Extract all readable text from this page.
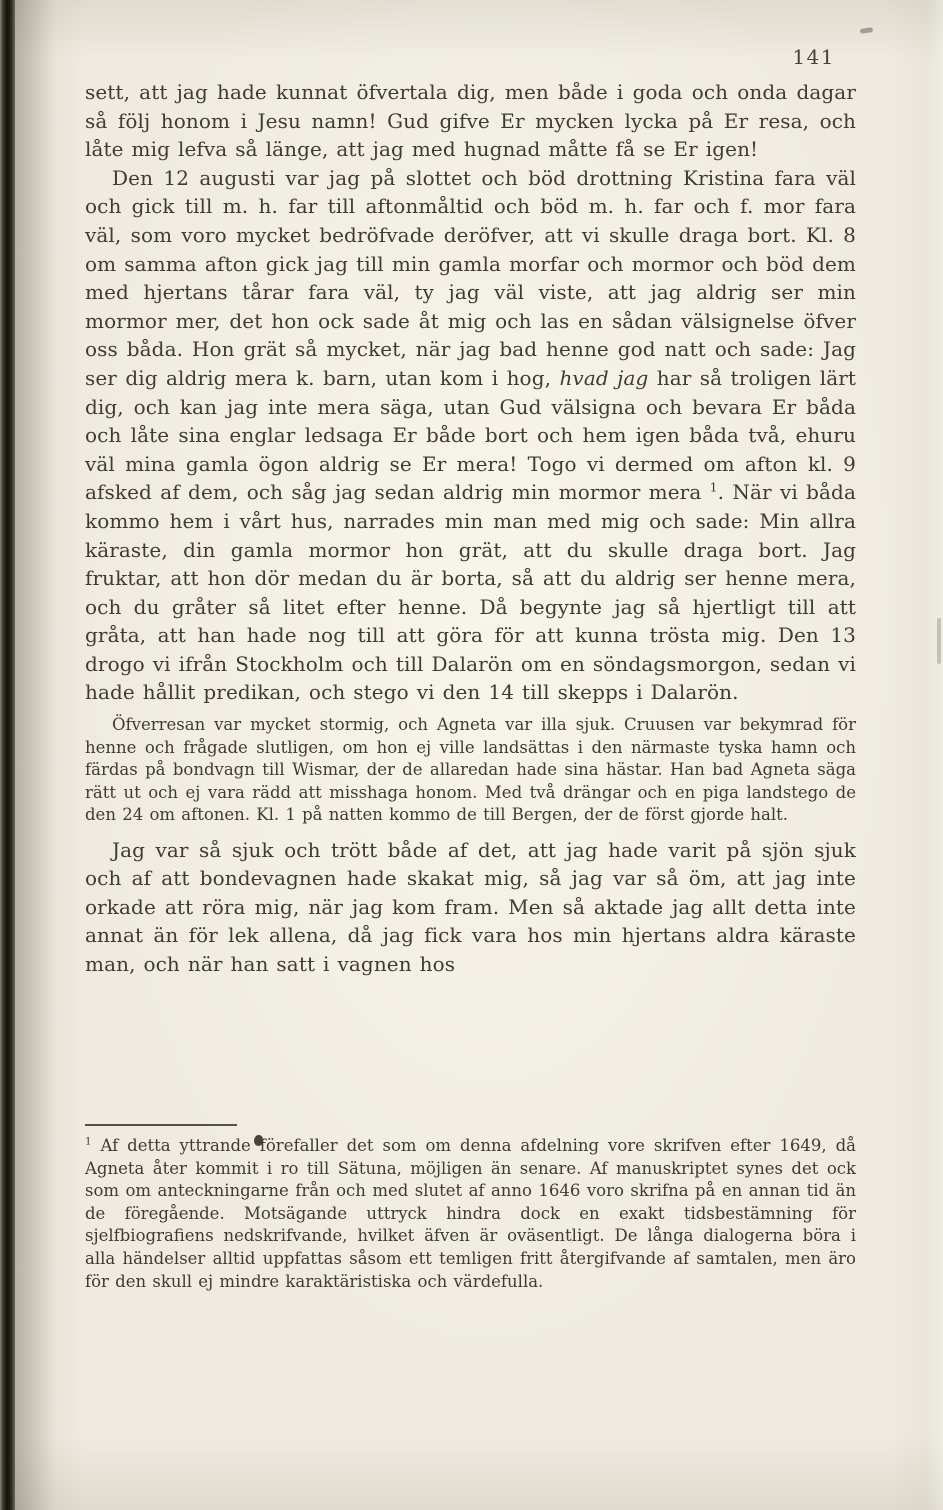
141

sett, att jag hade kunnat öfvertala dig, men både i goda och onda dagar så följ honom i Jesu namn! Gud gifve Er mycken lycka på Er resa, och låte mig lefva så länge, att jag med hugnad måtte få se Er igen!

Den 12 augusti var jag på slottet och böd drottning Kristina fara väl och gick till m. h. far till aftonmåltid och böd m. h. far och f. mor fara väl, som voro mycket bedröfvade deröfver, att vi skulle draga bort. Kl. 8 om samma afton gick jag till min gamla morfar och mormor och böd dem med hjertans tårar fara väl, ty jag väl viste, att jag aldrig ser min mormor mer, det hon ock sade åt mig och las en sådan välsignelse öfver oss båda. Hon grät så mycket, när jag bad henne god natt och sade: Jag ser dig aldrig mera k. barn, utan kom i hog, hvad jag har så troligen lärt dig, och kan jag inte mera säga, utan Gud välsigna och bevara Er båda och låte sina englar ledsaga Er både bort och hem igen båda två, ehuru väl mina gamla ögon aldrig se Er mera! Togo vi dermed om afton kl. 9 afsked af dem, och såg jag sedan aldrig min mormor mera $^1$. När vi båda kommo hem i vårt hus, narrades min man med mig och sade: Min allra käraste, din gamla mormor hon grät, att du skulle draga bort. Jag fruktar, att hon dör medan du är borta, så att du aldrig ser henne mera, och du gråter så litet efter henne. Då begynte jag så hjertligt till att gråta, att han hade nog till att göra för att kunna trösta mig. Den 13 drogo vi ifrån Stockholm och till Dalarön om en söndagsmorgon, sedan vi hade hållit predikan, och stego vi den 14 till skepps i Dalarön.

Öfverresan var mycket stormig, och Agneta var illa sjuk. Cruusen var bekymrad för henne och frågade slutligen, om hon ej ville landsättas i den närmaste tyska hamn och färdas på bondvagn till Wismar, der de allaredan hade sina hästar. Han bad Agneta säga rätt ut och ej vara rädd att misshaga honom. Med två drängar och en piga landstego de den 24 om aftonen. Kl. 1 på natten kommo de till Bergen, der de först gjorde halt.

Jag var så sjuk och trött både af det, att jag hade varit på sjön sjuk och af att bondevagnen hade skakat mig, så jag var så öm, att jag inte orkade att röra mig, när jag kom fram. Men så aktade jag allt detta inte annat än för lek allena, då jag fick vara hos min hjertans aldra käraste man, och när han satt i vagnen hos

$^1$ Af detta yttrande förefaller det som om denna afdelning vore skrifven efter 1649, då Agneta åter kommit i ro till Sätuna, möjligen än senare. Af manuskriptet synes det ock som om anteckningarne från och med slutet af anno 1646 voro skrifna på en annan tid än de föregående. Motsägande uttryck hindra dock en exakt tidsbestämning för sjelfbiografiens nedskrifvande, hvilket äfven är oväsentligt. De långa dialogerna böra i alla händelser alltid uppfattas såsom ett temligen fritt återgifvande af samtalen, men äro för den skull ej mindre karaktäristiska och värdefulla.
